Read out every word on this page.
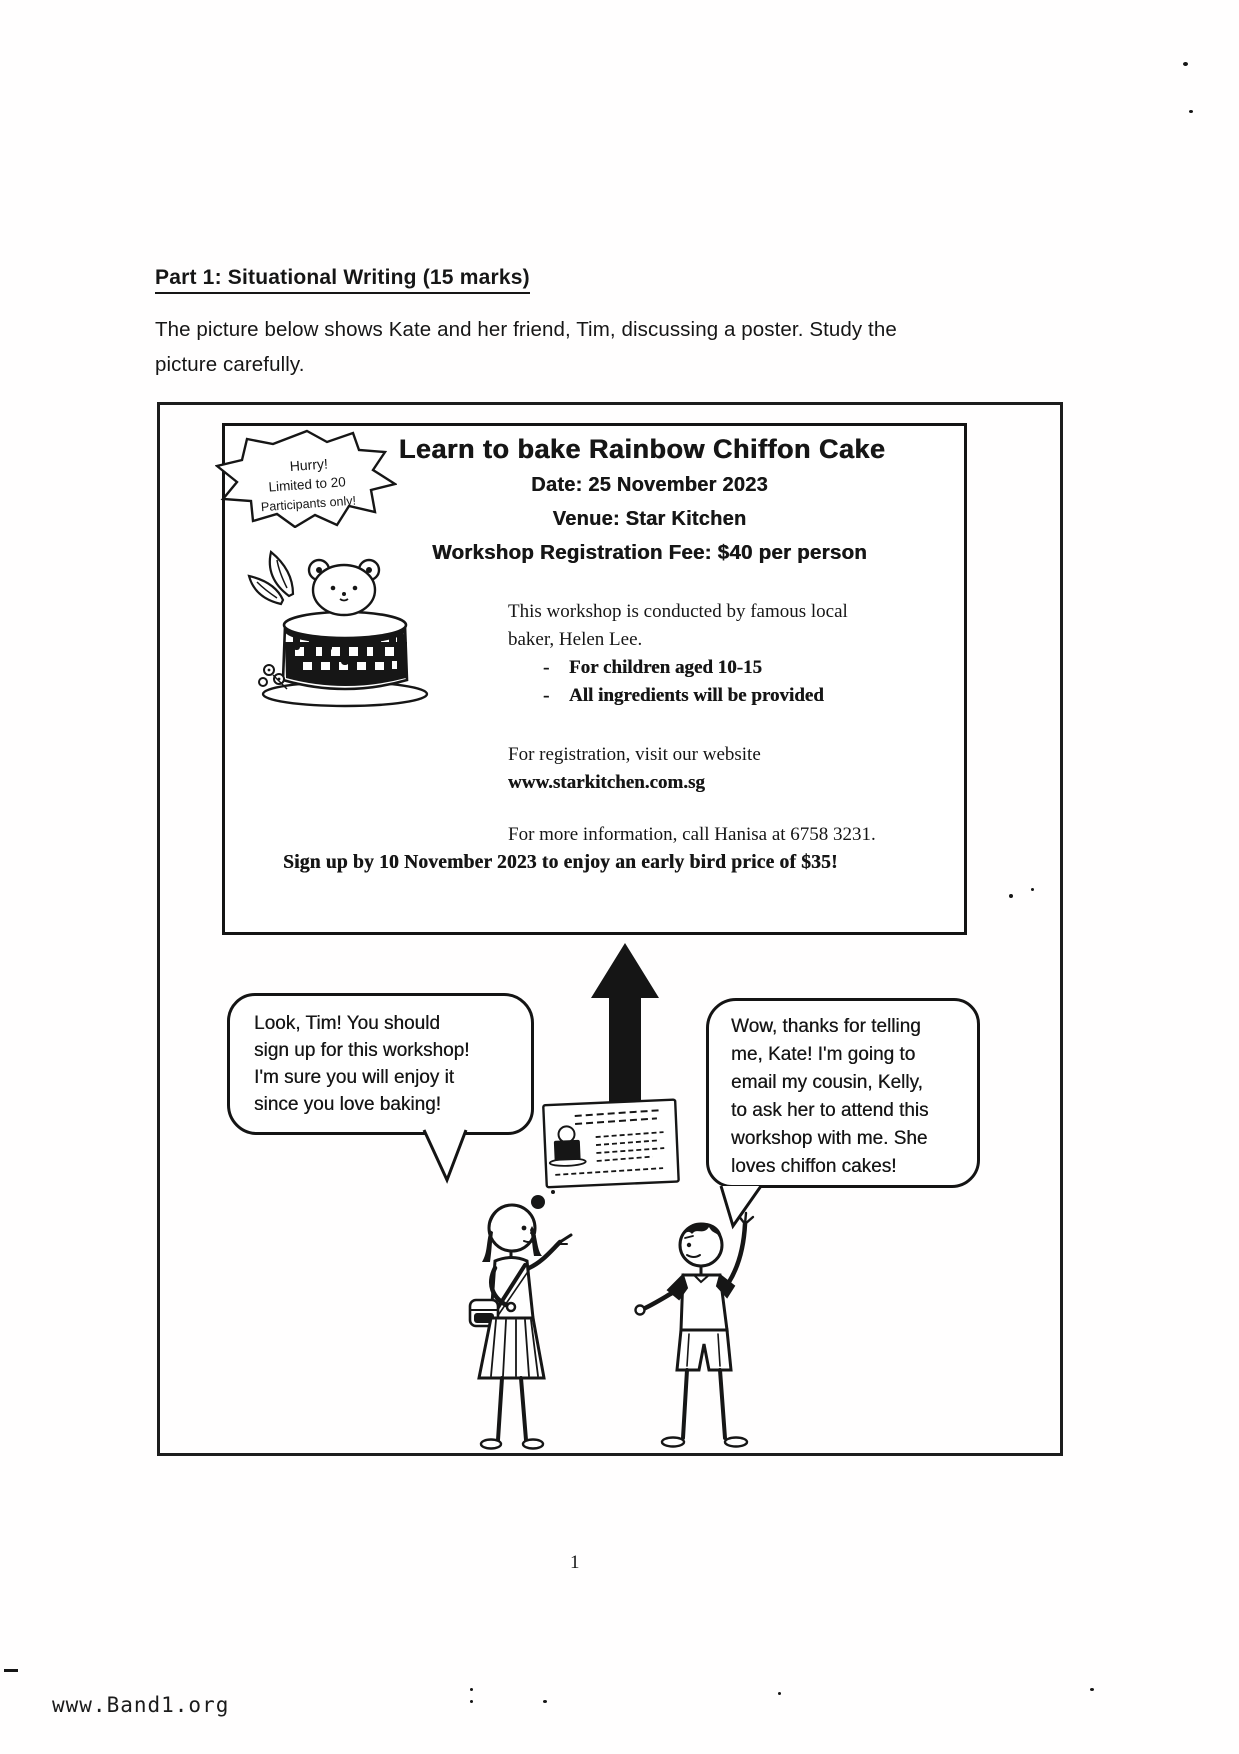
Part 1: Situational Writing (15 marks)
The picture below shows Kate and her friend, Tim, discussing a poster. Study the
picture carefully.
Learn to bake Rainbow Chiffon Cake
Date: 25 November 2023
Venue: Star Kitchen
Workshop Registration Fee: $40 per person
Hurry!
Limited to 20
Participants only!
This workshop is conducted by famous local
baker, Helen Lee.
- For children aged 10-15
- All ingredients will be provided
For registration, visit our website
www.starkitchen.com.sg
For more information, call Hanisa at 6758 3231.
Sign up by 10 November 2023 to enjoy an early bird price of $35!
Look, Tim! You should
sign up for this workshop!
I'm sure you will enjoy it
since you love baking!
Wow, thanks for telling
me, Kate! I'm going to
email my cousin, Kelly,
to ask her to attend this
workshop with me. She
loves chiffon cakes!
1
www.Band1.org
